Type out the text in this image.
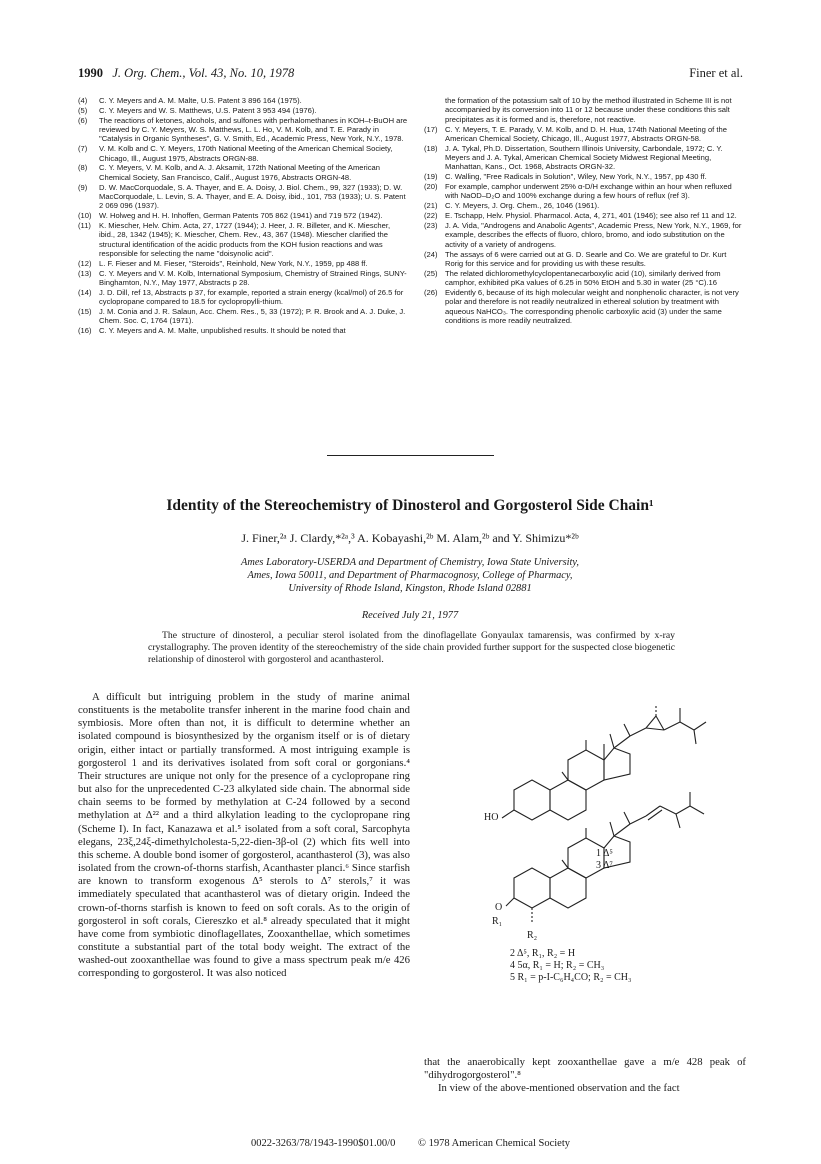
1990 J. Org. Chem., Vol. 43, No. 10, 1978	Finer et al.
(4)	C. Y. Meyers and A. M. Malte, U.S. Patent 3 896 164 (1975).
(5)	C. Y. Meyers and W. S. Matthews, U.S. Patent 3 953 494 (1976).
(6)	The reactions of ketones, alcohols, and sulfones with perhalomethanes in KOH–t-BuOH are reviewed by C. Y. Meyers, W. S. Matthews, L. L. Ho, V. M. Kolb, and T. E. Parady in "Catalysis in Organic Syntheses", G. V. Smith, Ed., Academic Press, New York, N.Y., 1978.
(7)	V. M. Kolb and C. Y. Meyers, 170th National Meeting of the American Chemical Society, Chicago, Ill., August 1975, Abstracts ORGN-88.
(8)	C. Y. Meyers, V. M. Kolb, and A. J. Aksamit, 172th National Meeting of the American Chemical Society, San Francisco, Calif., August 1976, Abstracts ORGN-48.
(9)	D. W. MacCorquodale, S. A. Thayer, and E. A. Doisy, J. Biol. Chem., 99, 327 (1933); D. W. MacCorquodale, L. Levin, S. A. Thayer, and E. A. Doisy, ibid., 101, 753 (1933); U. S. Patent 2 069 096 (1937).
(10) W. Holweg and H. H. Inhoffen, German Patents 705 862 (1941) and 719 572 (1942).
(11)	K. Miescher, Helv. Chim. Acta, 27, 1727 (1944); J. Heer, J. R. Billeter, and K. Miescher, ibid., 28, 1342 (1945); K. Miescher, Chem. Rev., 43, 367 (1948). Miescher clarified the structural identification of the acidic products from the KOH fusion reactions and was responsible for selecting the name "doisynolic acid".
(12) L. F. Fieser and M. Fieser, "Steroids", Reinhold, New York, N.Y., 1959, pp 488 ff.
(13) C. Y. Meyers and V. M. Kolb, International Symposium, Chemistry of Strained Rings, SUNY-Binghamton, N.Y., May 1977, Abstracts p 28.
(14) J. D. Dill, ref 13, Abstracts p 37, for example, reported a strain energy (kcal/mol) of 26.5 for cyclopropane compared to 18.5 for cyclopropylli-thium.
(15) J. M. Conia and J. R. Salaun, Acc. Chem. Res., 5, 33 (1972); P. R. Brook and A. J. Duke, J. Chem. Soc. C, 1764 (1971).
(16) C. Y. Meyers and A. M. Malte, unpublished results. It should be noted that
the formation of the potassium salt of 10 by the method illustrated in Scheme III is not accompanied by its conversion into 11 or 12 because under these conditions this salt precipitates as it is formed and is, therefore, not reactive.
(17) C. Y. Meyers, T. E. Parady, V. M. Kolb, and D. H. Hua, 174th National Meeting of the American Chemical Society, Chicago, Ill., August 1977, Abstracts ORGN-58.
(18) J. A. Tykal, Ph.D. Dissertation, Southern Illinois University, Carbondale, 1972; C. Y. Meyers and J. A. Tykal, American Chemical Society Midwest Regional Meeting, Manhattan, Kans., Oct. 1968, Abstracts ORGN-32.
(19) C. Walling, "Free Radicals in Solution", Wiley, New York, N.Y., 1957, pp 430 ff.
(20) For example, camphor underwent 25% α-D/H exchange within an hour when refluxed with NaOD–D₂O and 100% exchange during a few hours of reflux (ref 3).
(21) C. Y. Meyers, J. Org. Chem., 26, 1046 (1961).
(22) E. Tschapp, Helv. Physiol. Pharmacol. Acta, 4, 271, 401 (1946); see also ref 11 and 12.
(23) J. A. Vida, "Androgens and Anabolic Agents", Academic Press, New York, N.Y., 1969, for example, describes the effects of fluoro, chloro, bromo, and iodo substitution on the activity of a variety of androgens.
(24) The assays of 6 were carried out at G. D. Searle and Co. We are grateful to Dr. Kurt Rorig for this service and for providing us with these results.
(25) The related dichloromethylcyclopentanecarboxylic acid (10), similarly derived from camphor, exhibited pKa values of 6.25 in 50% EtOH and 5.30 in water (25 °C).16
(26) Evidently 6, because of its high molecular weight and nonphenolic character, is not very polar and therefore is not readily neutralized in ethereal solution by treatment with aqueous NaHCO₃. The corresponding phenolic carboxylic acid (3) under the same conditions is more readily neutralized.
Identity of the Stereochemistry of Dinosterol and Gorgosterol Side Chain¹
J. Finer,²ᵃ J. Clardy,*²ᵃ,³ A. Kobayashi,²ᵇ M. Alam,²ᵇ and Y. Shimizu*²ᵇ
Ames Laboratory-USERDA and Department of Chemistry, Iowa State University,
Ames, Iowa 50011, and Department of Pharmacognosy, College of Pharmacy,
University of Rhode Island, Kingston, Rhode Island 02881
Received July 21, 1977
The structure of dinosterol, a peculiar sterol isolated from the dinoflagellate Gonyaulax tamarensis, was confirmed by x-ray crystallography. The proven identity of the stereochemistry of the side chain provided further support for the suspected close biogenetic relationship of dinosterol with gorgosterol and acanthasterol.
A difficult but intriguing problem in the study of marine animal constituents is the metabolite transfer inherent in the marine food chain and symbiosis. More often than not, it is difficult to determine whether an isolated compound is biosynthesized by the organism itself or is of dietary origin, either intact or partially transformed. A most intriguing example is gorgosterol 1 and its derivatives isolated from soft coral or gorgonians.⁴ Their structures are unique not only for the presence of a cyclopropane ring but also for the unprecedented C-23 alkylated side chain. The abnormal side chain seems to be formed by methylation at C-24 followed by a second methylation at Δ²² and a third alkylation leading to the cyclopropane ring (Scheme I). In fact, Kanazawa et al.⁵ isolated from a soft coral, Sarcophyta elegans, 23ξ,24ξ-dimethylcholesta-5,22-dien-3β-ol (2) which fits well into this scheme. A double bond isomer of gorgosterol, acanthasterol (3), was also isolated from the crown-of-thorns starfish, Acanthaster planci.⁶ Since starfish are known to transform exogenous Δ⁵ sterols to Δ⁷ sterols,⁷ it was immediately speculated that acanthasterol was of dietary origin. Indeed the crown-of-thorns starfish is known to feed on soft corals. As to the origin of gorgosterol in soft corals, Ciereszko et al.⁸ already speculated that it might have come from symbiotic dinoflagellates, Zooxanthellae, which sometimes constitute a substantial part of the total body weight. The extract of the washed-out zooxanthellae was found to give a mass spectrum peak m/e 426 corresponding to gorgosterol. It was also noticed
HO
1 Δ⁵
3 Δ⁷
O
R₁
R₂
2 Δ⁵, R₁, R₂ = H
4 5α, R₁ = H; R₂ = CH₃
5 R₁ = p-I-C₆H₄CO; R₂ = CH₃
that the anaerobically kept zooxanthellae gave a m/e 428 peak of "dihydrogorgosterol".⁸
In view of the above-mentioned observation and the fact
0022-3263/78/1943-1990$01.00/0 © 1978 American Chemical Society
